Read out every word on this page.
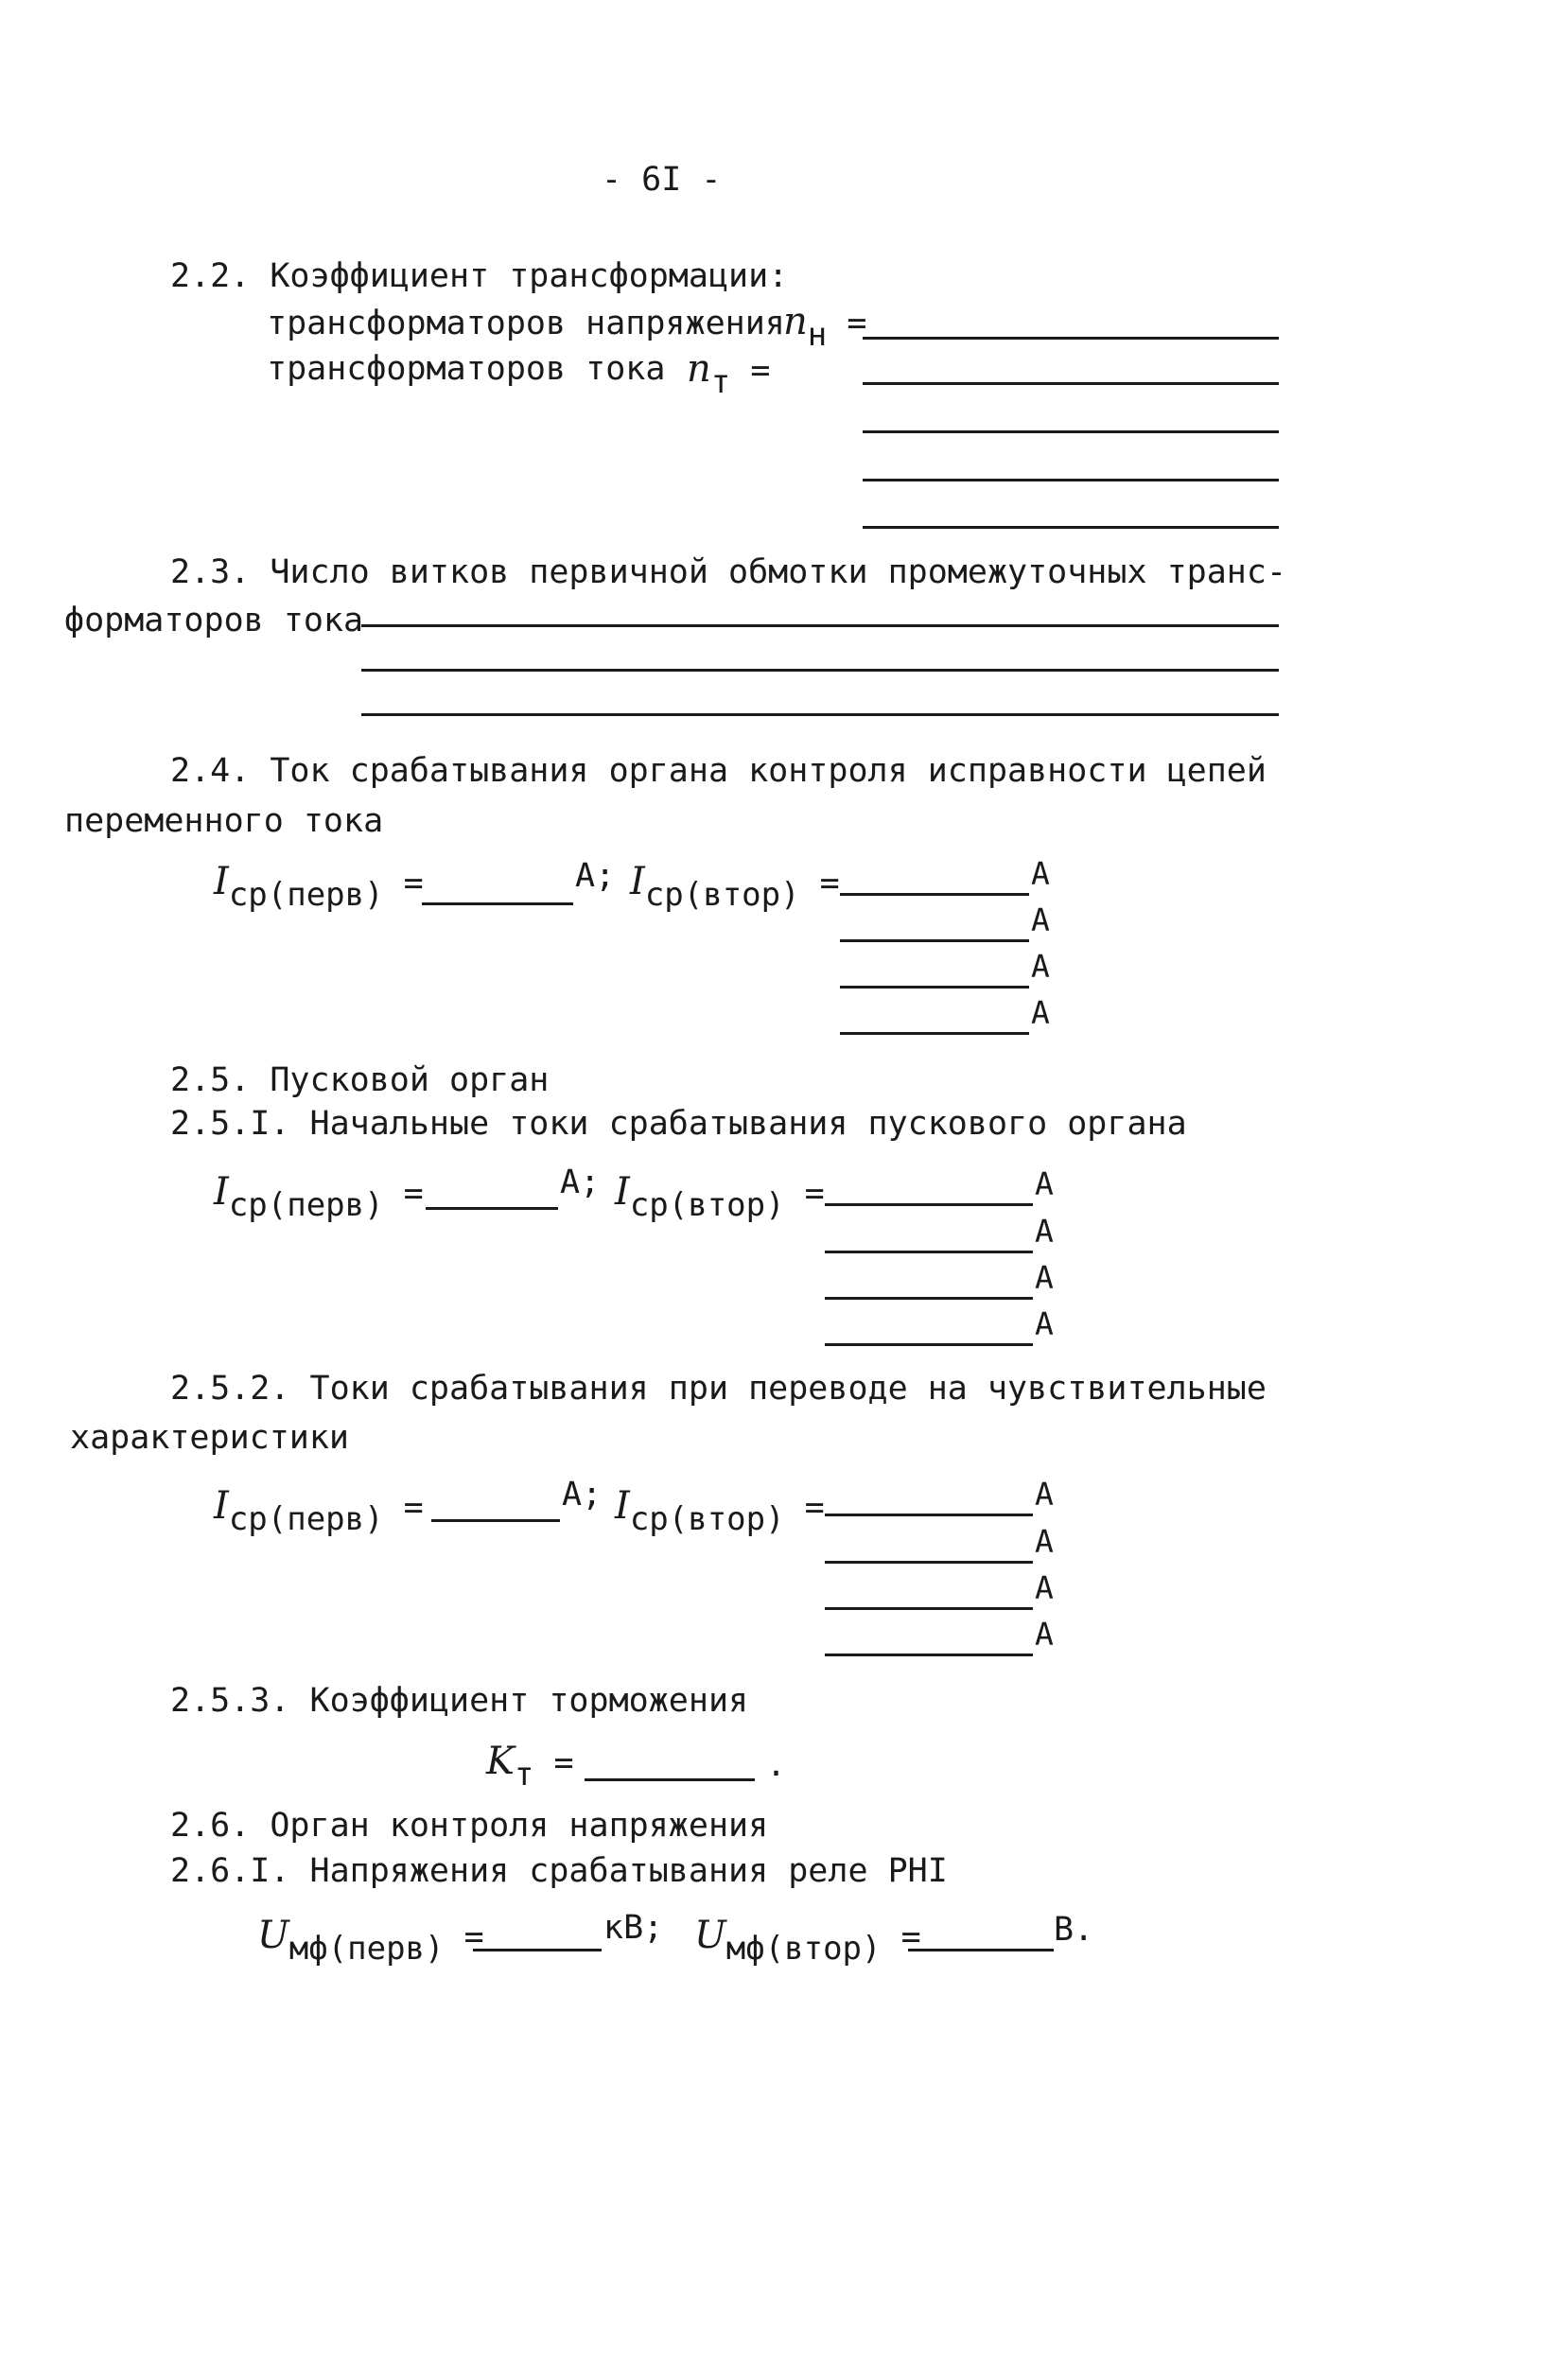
- 6I -
2.2. Коэффициент трансформации:
трансформаторов напряжения
nн =
трансформаторов тока nт =
2.3. Число витков первичной обмотки промежуточных транс-
форматоров тока
2.4. Ток срабатывания органа контроля исправности цепей
переменного тока
Iср(перв) =	A; Iср(втор) =	A
A
A
A
2.5. Пусковой орган
2.5.I. Начальные токи срабатывания пускового органа
Iср(перв) =	A; Iср(втор) =	A
A
A
A
2.5.2. Токи срабатывания при переводе на чувствительные
характеристики
Iср(перв) =	A; Iср(втор) =	A
A
A
A
2.5.3. Коэффициент торможения
Kт =	.
2.6. Орган контроля напряжения
2.6.I. Напряжения срабатывания реле PHI
Uмф(перв) =	кВ; Uмф(втор) =	В.
